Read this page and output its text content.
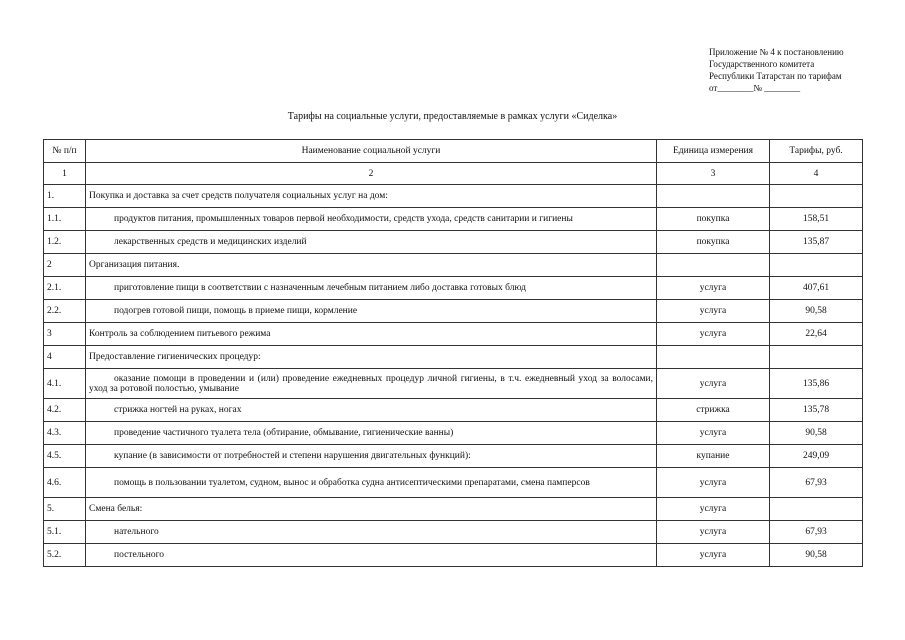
Приложение № 4 к постановлению
Государственного комитета
Республики Татарстан по тарифам
от________№ ________
Тарифы на социальные услуги, предоставляемые в рамках услуги «Сиделка»
№ п/п	Наименование социальной услуги	Единица измерения	Тарифы, руб.
1	2	3	4
1.	Покупка и доставка за счет средств получателя социальных услуг на дом:		
1.1.	продуктов питания, промышленных товаров первой необходимости, средств ухода, средств санитарии и гигиены	покупка	158,51
1.2.	лекарственных средств и медицинских изделий	покупка	135,87
2	Организация питания.		
2.1.	приготовление пищи в соответствии с назначенным лечебным питанием либо доставка готовых блюд	услуга	407,61
2.2.	подогрев готовой пищи, помощь в приеме пищи, кормление	услуга	90,58
3	Контроль за соблюдением питьевого режима	услуга	22,64
4	Предоставление гигиенических процедур:		
4.1.	оказание помощи в проведении и (или) проведение ежедневных процедур личной гигиены, в т.ч. ежедневный уход за волосами, уход за ротовой полостью, умывание	услуга	135,86
4.2.	стрижка ногтей на руках, ногах	стрижка	135,78
4.3.	проведение частичного туалета тела (обтирание, обмывание, гигиенические ванны)	услуга	90,58
4.5.	купание (в зависимости от потребностей и степени нарушения двигательных функций):	купание	249,09
4.6.	помощь в пользовании туалетом, судном, вынос и обработка судна антисептическими препаратами, смена памперсов	услуга	67,93
5.	Смена белья:	услуга	
5.1.	нательного	услуга	67,93
5.2.	постельного	услуга	90,58
